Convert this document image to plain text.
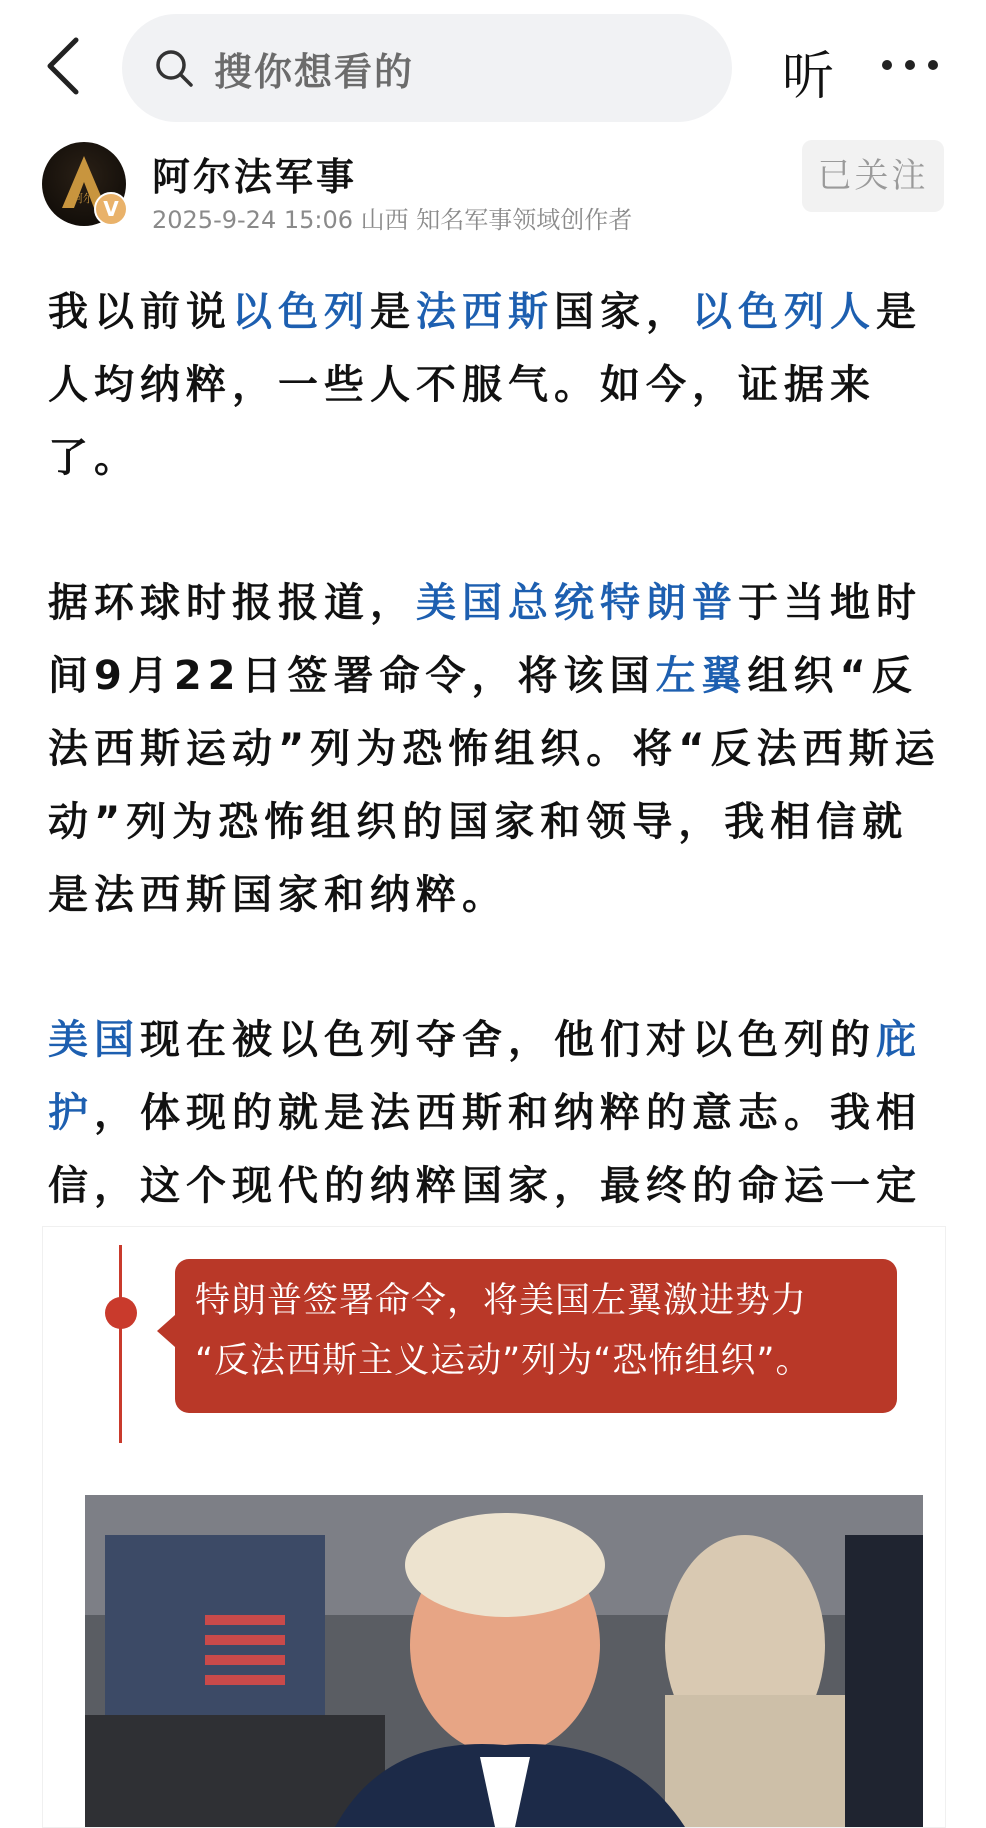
搜你想看的	听
阿尔 V
阿尔法军事
2025-9-24 15:06 山西 知名军事领域创作者
已关注

我以前说以色列是法西斯国家，以色列人是人均纳粹，一些人不服气。如今，证据来了。

据环球时报报道，美国总统特朗普于当地时间9月22日签署命令，将该国左翼组织“反法西斯运动”列为恐怖组织。将“反法西斯运动”列为恐怖组织的国家和领导，我相信就是法西斯国家和纳粹。

美国现在被以色列夺舍，他们对以色列的庇护，体现的就是法西斯和纳粹的意志。我相信，这个现代的纳粹国家，最终的命运一定

特朗普签署命令，将美国左翼激进势力
“反法西斯主义运动”列为“恐怖组织”。
